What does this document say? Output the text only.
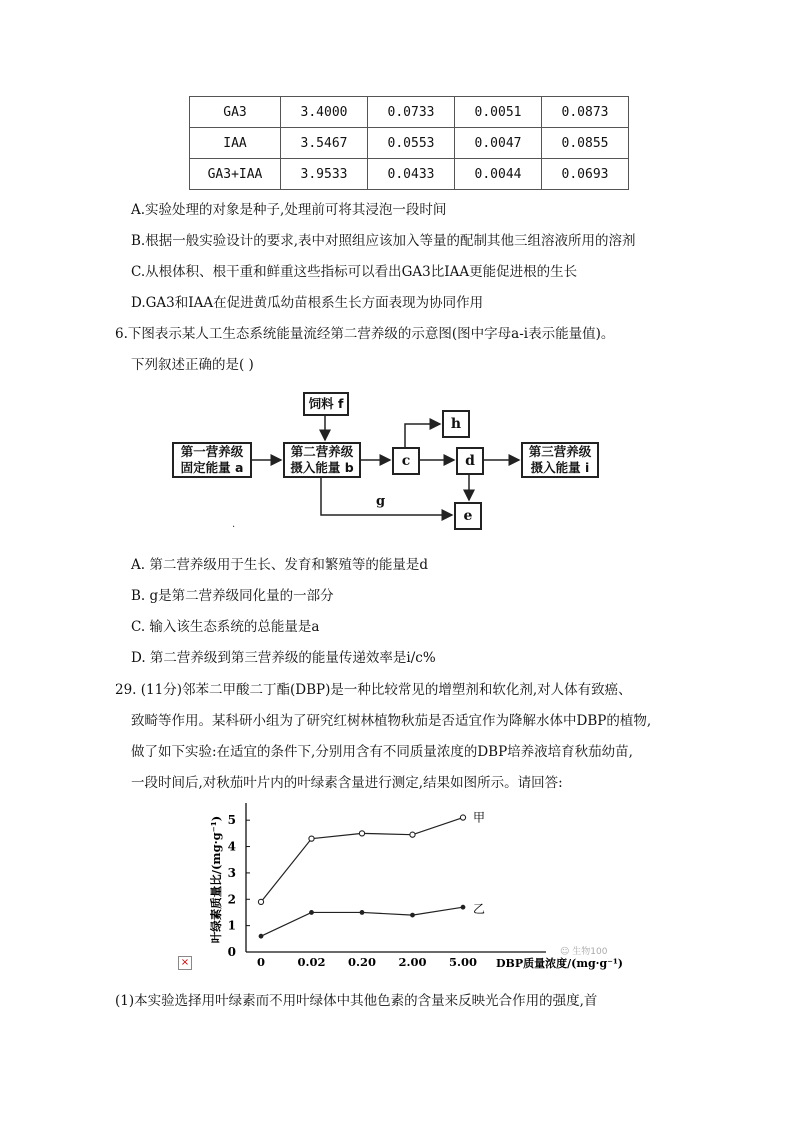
GA3	3.4000	0.0733	0.0051	0.0873
IAA	3.5467	0.0553	0.0047	0.0855
GA3+IAA	3.9533	0.0433	0.0044	0.0693
A.实验处理的对象是种子,处理前可将其浸泡一段时间
B.根据一般实验设计的要求,表中对照组应该加入等量的配制其他三组溶液所用的溶剂
C.从根体积、根干重和鲜重这些指标可以看出GA3比IAA更能促进根的生长
D.GA3和IAA在促进黄瓜幼苗根系生长方面表现为协同作用
6.下图表示某人工生态系统能量流经第二营养级的示意图(图中字母a-i表示能量值)。
下列叙述正确的是( )
g
·
饲料 f
第一营养级
固定能量 a
第二营养级
摄入能量 b	c
h
d
e
第三营养级
摄入能量 i
A. 第二营养级用于生长、发育和繁殖等的能量是d
B. g是第二营养级同化量的一部分
C. 输入该生态系统的总能量是a
D. 第二营养级到第三营养级的能量传递效率是i/c%
29. (11分)邻苯二甲酸二丁酯(DBP)是一种比较常见的增塑剂和软化剂,对人体有致癌、
致畸等作用。某科研小组为了研究红树林植物秋茄是否适宜作为降解水体中DBP的植物,
做了如下实验:在适宜的条件下,分别用含有不同质量浓度的DBP培养液培育秋茄幼苗,
一段时间后,对秋茄叶片内的叶绿素含量进行测定,结果如图所示。请回答:
0
1
2
3
4
5
0	0.02 0.20 2.00 5.00 DBP质量浓度/(mg·g⁻¹)
叶绿素质量比/(mg·g⁻¹)	甲
乙
×
☺ 生物100
(1)本实验选择用叶绿素而不用叶绿体中其他色素的含量来反映光合作用的强度,首
